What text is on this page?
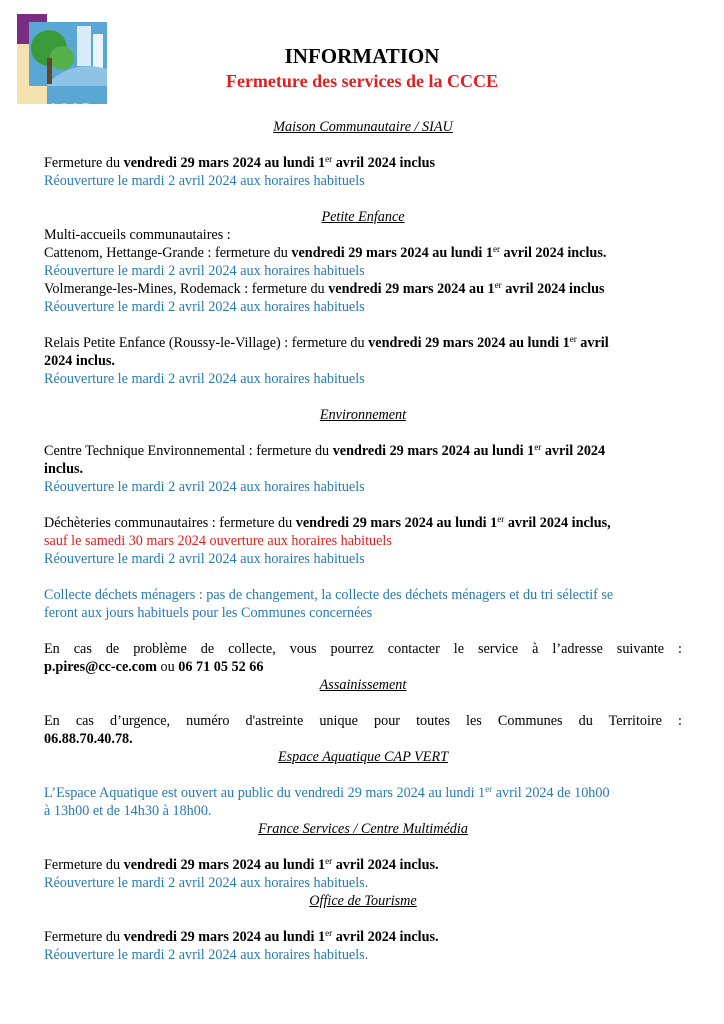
CCCE
INFORMATION
Fermeture des services de la CCCE

Maison Communautaire / SIAU

Fermeture du vendredi 29 mars 2024 au lundi 1er avril 2024 inclus

Réouverture le mardi 2 avril 2024 aux horaires habituels

Petite Enfance

Multi-accueils communautaires :

Cattenom, Hettange-Grande : fermeture du vendredi 29 mars 2024 au lundi 1er avril 2024 inclus.

Réouverture le mardi 2 avril 2024 aux horaires habituels

Volmerange-les-Mines, Rodemack : fermeture du vendredi 29 mars 2024 au 1er avril 2024 inclus

Réouverture le mardi 2 avril 2024 aux horaires habituels

Relais Petite Enfance (Roussy-le-Village) : fermeture du vendredi 29 mars 2024 au lundi 1er avril

2024 inclus.

Réouverture le mardi 2 avril 2024 aux horaires habituels

Environnement

Centre Technique Environnemental : fermeture du vendredi 29 mars 2024 au lundi 1er avril 2024

inclus.

Réouverture le mardi 2 avril 2024 aux horaires habituels

Déchèteries communautaires : fermeture du vendredi 29 mars 2024 au lundi 1er avril 2024 inclus,

sauf le samedi 30 mars 2024 ouverture aux horaires habituels

Réouverture le mardi 2 avril 2024 aux horaires habituels

Collecte déchets ménagers : pas de changement, la collecte des déchets ménagers et du tri sélectif se

feront aux jours habituels pour les Communes concernées

En cas de problème de collecte, vous pourrez contacter le service à l’adresse suivante :

p.pires@cc-ce.com ou 06 71 05 52 66

Assainissement

En cas d’urgence, numéro d'astreinte unique pour toutes les Communes du Territoire :

06.88.70.40.78.

Espace Aquatique CAP VERT

L’Espace Aquatique est ouvert au public du vendredi 29 mars 2024 au lundi 1er avril 2024 de 10h00

à 13h00 et de 14h30 à 18h00.

France Services / Centre Multimédia

Fermeture du vendredi 29 mars 2024 au lundi 1er avril 2024 inclus.

Réouverture le mardi 2 avril 2024 aux horaires habituels.

Office de Tourisme

Fermeture du vendredi 29 mars 2024 au lundi 1er avril 2024 inclus.

Réouverture le mardi 2 avril 2024 aux horaires habituels.
